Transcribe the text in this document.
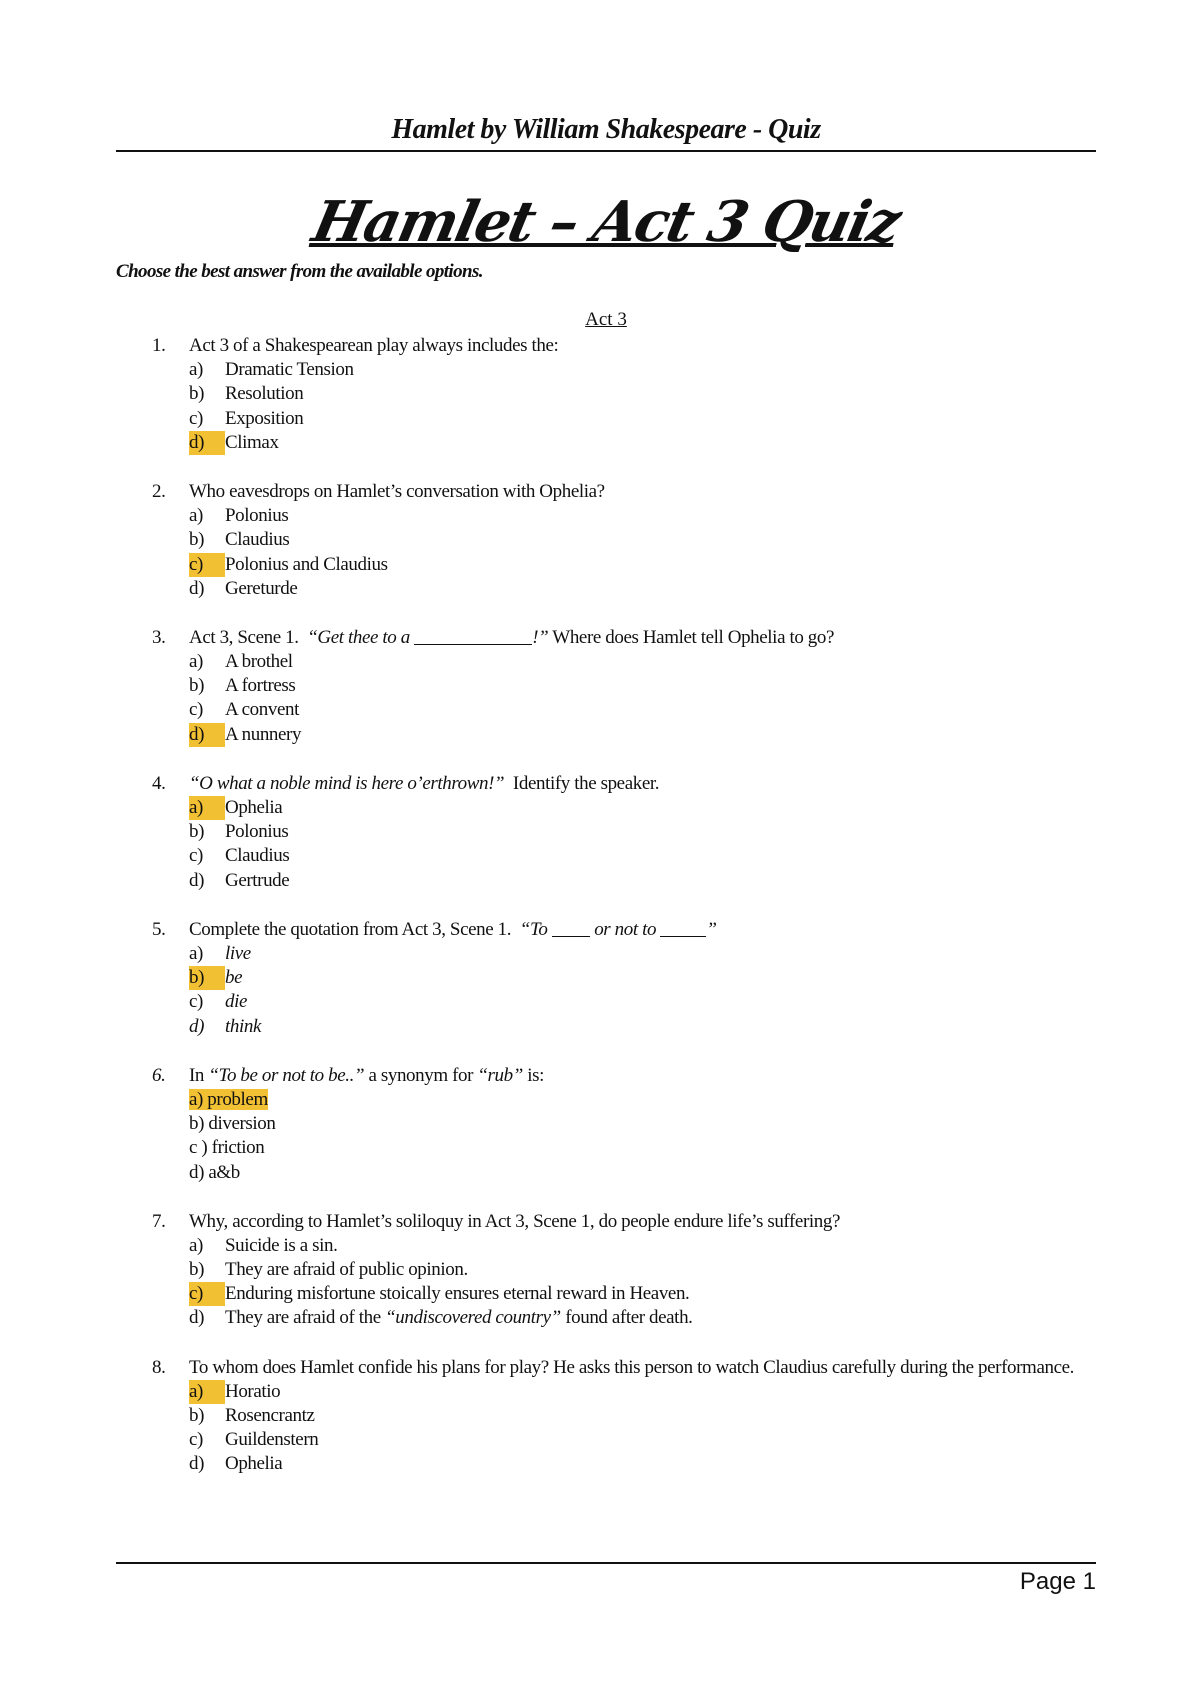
Hamlet by William Shakespeare - Quiz
Hamlet – Act 3 Quiz
Choose the best answer from the available options.
Act 3
1.	Act 3 of a Shakespearean play always includes the:
a)	Dramatic Tension
b)	Resolution
c)	Exposition
d)	Climax
2.	Who eavesdrops on Hamlet’s conversation with Ophelia?
a)	Polonius
b)	Claudius
c)	Polonius and Claudius
d)	Gereturde
3.	Act 3, Scene 1.  “Get thee to a	!” Where does Hamlet tell Ophelia to go?
a)	A brothel
b)	A fortress
c)	A convent
d)	A nunnery
4.	“O what a noble mind is here o’erthrown!”  Identify the speaker.
a)	Ophelia
b)	Polonius
c)	Claudius
d)	Gertrude
5.	Complete the quotation from Act 3, Scene 1.  “To  or not to ”
a)	live
b)	be
c)	die
d)	think
6.	In “To be or not to be..” a synonym for “rub” is:
a) problem
b) diversion
c ) friction
d) a&b
7.	Why, according to Hamlet’s soliloquy in Act 3, Scene 1, do people endure life’s suffering?
a)	Suicide is a sin.
b)	They are afraid of public opinion.
c)	Enduring misfortune stoically ensures eternal reward in Heaven.
d)	They are afraid of the “undiscovered country” found after death.
8.	To whom does Hamlet confide his plans for play? He asks this person to watch Claudius carefully during the performance.
a)	Horatio
b)	Rosencrantz
c)	Guildenstern
d)	Ophelia
Page 1
